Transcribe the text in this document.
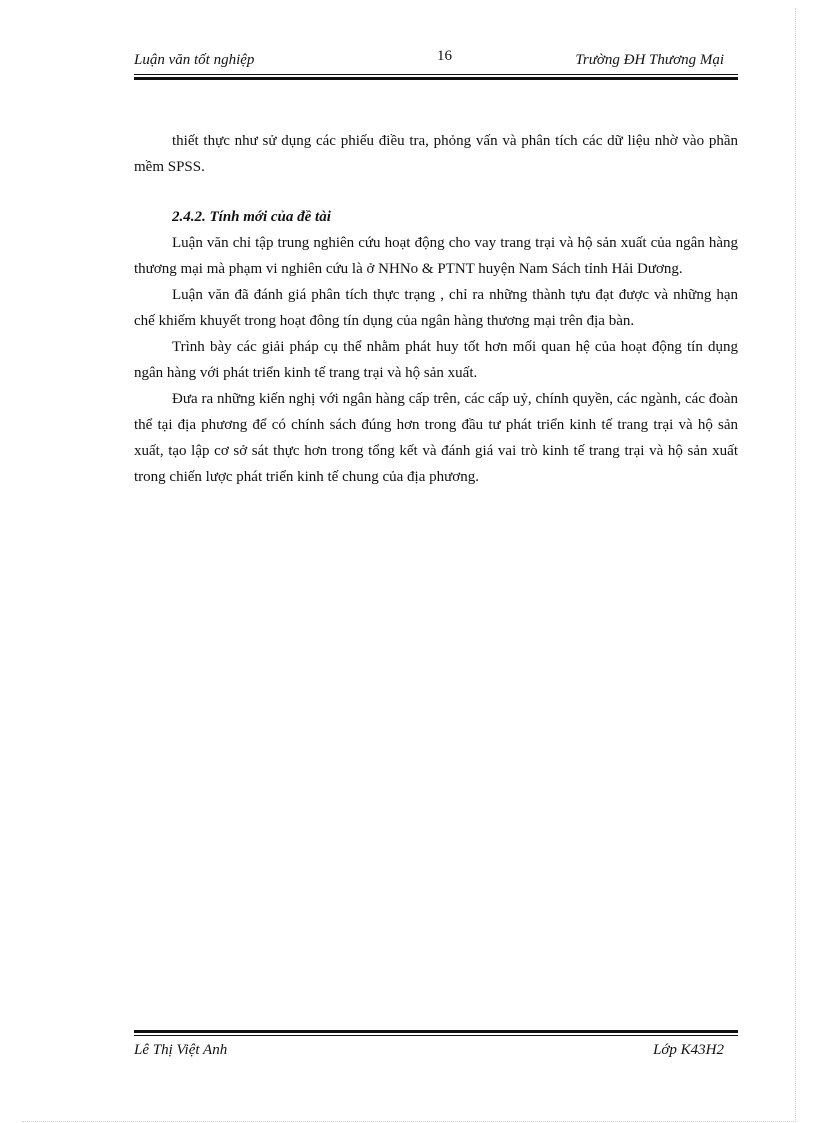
Luận văn tốt nghiệp	16	Trường ĐH Thương Mại

thiết thực như sử dụng các phiếu điều tra, phỏng vấn và phân tích các dữ liệu nhờ vào phần mềm SPSS.

2.4.2. Tính mới của đề tài

Luận văn chỉ tập trung nghiên cứu hoạt động cho vay trang trại và hộ sản xuất của ngân hàng thương mại mà phạm vi nghiên cứu là ở NHNo & PTNT huyện Nam Sách tỉnh Hải Dương.

Luận văn đã đánh giá phân tích thực trạng , chỉ ra những thành tựu đạt được và những hạn chế khiếm khuyết trong hoạt đông tín dụng của ngân hàng thương mại trên địa bàn.

Trình bày các giải pháp cụ thể nhằm phát huy tốt hơn mối quan hệ của hoạt động tín dụng ngân hàng với phát triển kinh tế trang trại và hộ sản xuất.

Đưa ra những kiến nghị với ngân hàng cấp trên, các cấp uỷ, chính quyền, các ngành, các đoàn thể tại địa phương để có chính sách đúng hơn trong đầu tư phát triển kinh tế trang trại và hộ sản xuất, tạo lập cơ sở sát thực hơn trong tổng kết và đánh giá vai trò kinh tế trang trại và hộ sản xuất trong chiến lược phát triển kinh tế chung của địa phương.

Lê Thị Việt Anh	Lớp K43H2
